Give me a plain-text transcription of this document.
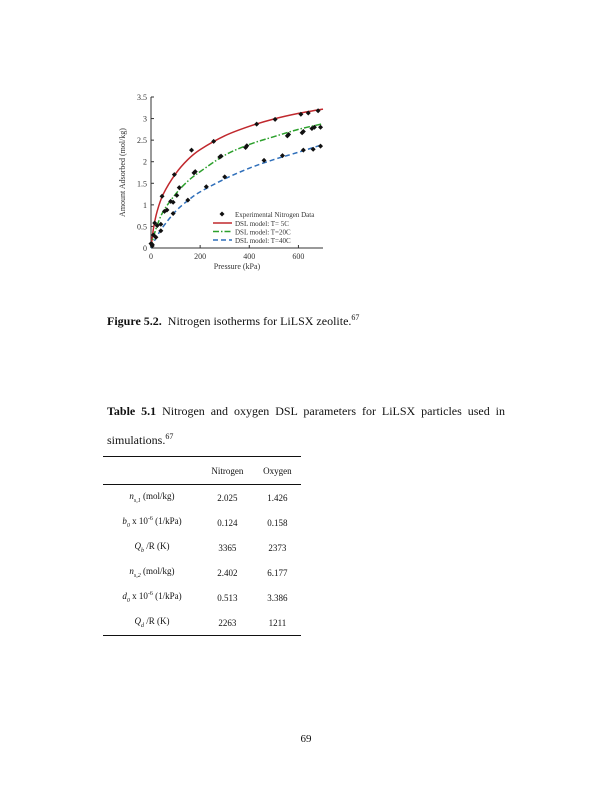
0
0.5
1
1.5
2
2.5
3
3.5
0	200	400	600
Pressure (kPa)
Amount Adsorbed (mol/kg)	Experimental Nitrogen Data
DSL model: T= 5C
DSL model: T=20C
DSL model: T=40C
Figure 5.2. Nitrogen isotherms for LiLSX zeolite.$^{67}$
Table 5.1 Nitrogen and oxygen DSL parameters for LiLSX particles used in simulations.$^{67}$
	Nitrogen	Oxygen
$n_{s,1}$ (mol/kg)	2.025	1.426
$b_0$ x $10^{-6}$ (1/kPa)	0.124	0.158
$Q_b$ /R (K)	3365	2373
$n_{s,2}$ (mol/kg)	2.402	6.177
$d_0$ x $10^{-6}$ (1/kPa)	0.513	3.386
$Q_d$ /R (K)	2263	1211
69
